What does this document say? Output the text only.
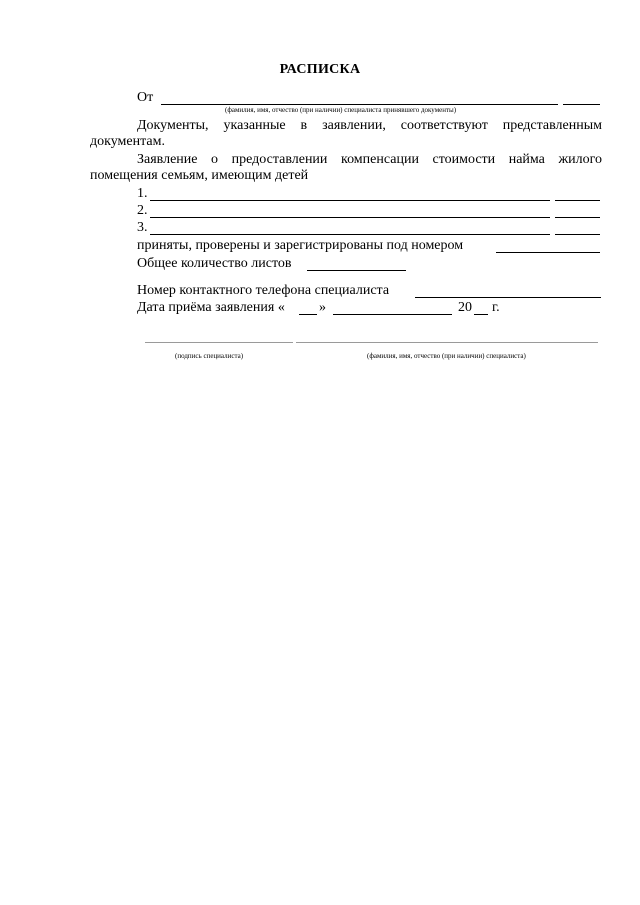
РАСПИСКА
От
(фамилия, имя, отчество (при наличии) специалиста принявшего документы)
Документы, указанные в заявлении, соответствуют представленным
документам.
Заявление о предоставлении компенсации стоимости найма жилого
помещения семьям, имеющим детей
1.
2.
3.
приняты, проверены и зарегистрированы под номером
Общее количество листов
Номер контактного телефона специалиста
Дата приёма заявления « »	20 г.
(подпись специалиста)	(фамилия, имя, отчество (при наличии) специалиста)
